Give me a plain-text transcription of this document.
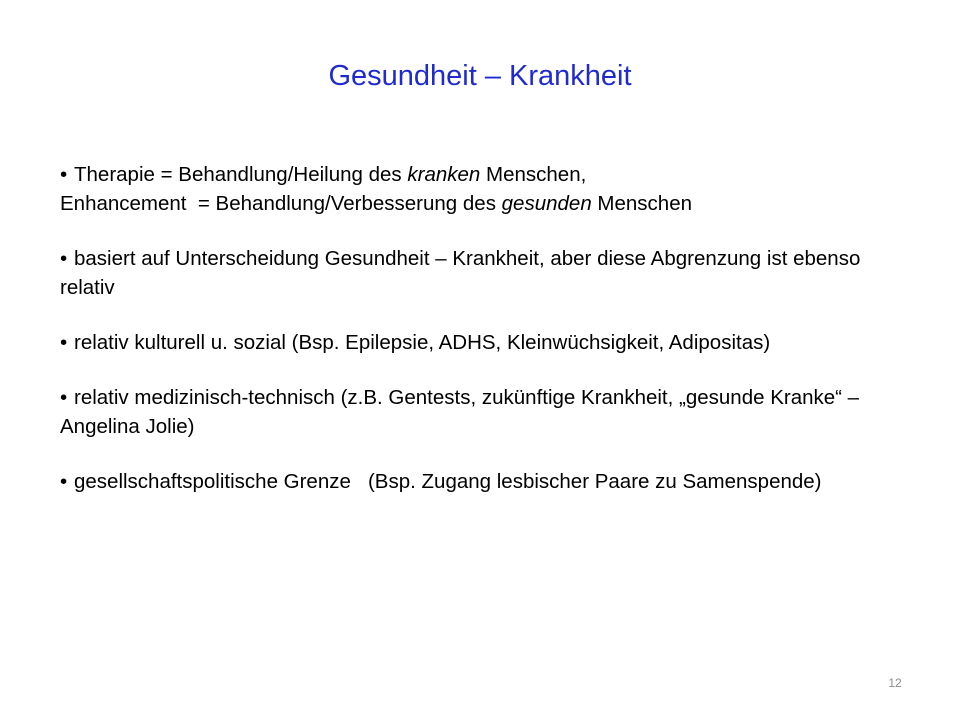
Gesundheit – Krankheit
• Therapie = Behandlung/Heilung des kranken Menschen,
Enhancement  = Behandlung/Verbesserung des gesunden Menschen
• basiert auf Unterscheidung Gesundheit – Krankheit, aber diese Abgrenzung ist ebenso relativ
• relativ kulturell u. sozial (Bsp. Epilepsie, ADHS, Kleinwüchsigkeit, Adipositas)
• relativ medizinisch-technisch (z.B. Gentests, zukünftige Krankheit, „gesunde Kranke“ – Angelina Jolie)
• gesellschaftspolitische Grenze   (Bsp. Zugang lesbischer Paare zu Samenspende)
12
